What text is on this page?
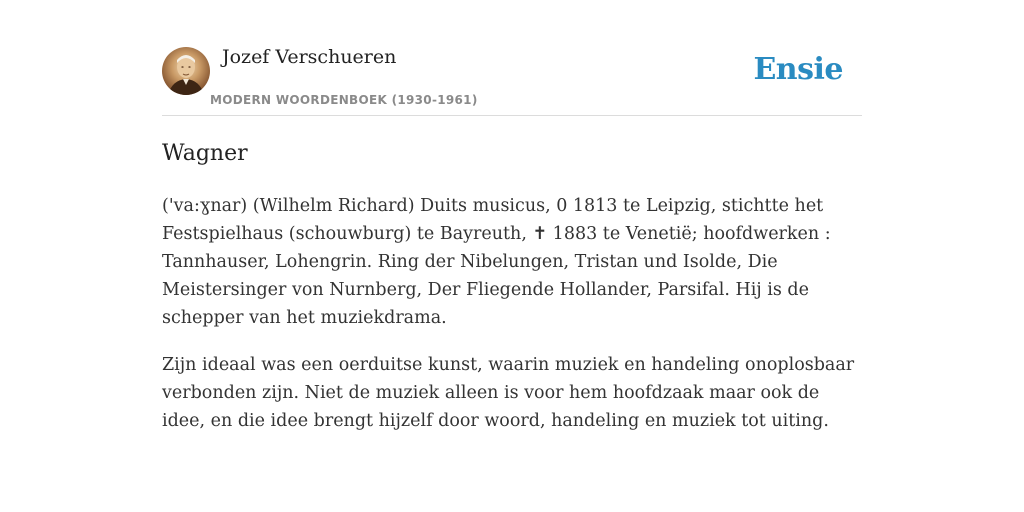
Jozef Verschueren
MODERN WOORDENBOEK (1930-1961)
Ensie
Wagner

('va:ɣnar) (Wilhelm Richard) Duits musicus, 0 1813 te Leipzig, stichtte het Festspielhaus (schouwburg) te Bayreuth, ✝ 1883 te Venetië; hoofdwerken : Tannhauser, Lohengrin. Ring der Nibelungen, Tristan und Isolde, Die Meistersinger von Nurnberg, Der Fliegende Hollander, Parsifal. Hij is de schepper van het muziekdrama.

Zijn ideaal was een oerduitse kunst, waarin muziek en handeling onoplosbaar verbonden zijn. Niet de muziek alleen is voor hem hoofdzaak maar ook de idee, en die idee brengt hijzelf door woord, handeling en muziek tot uiting.
